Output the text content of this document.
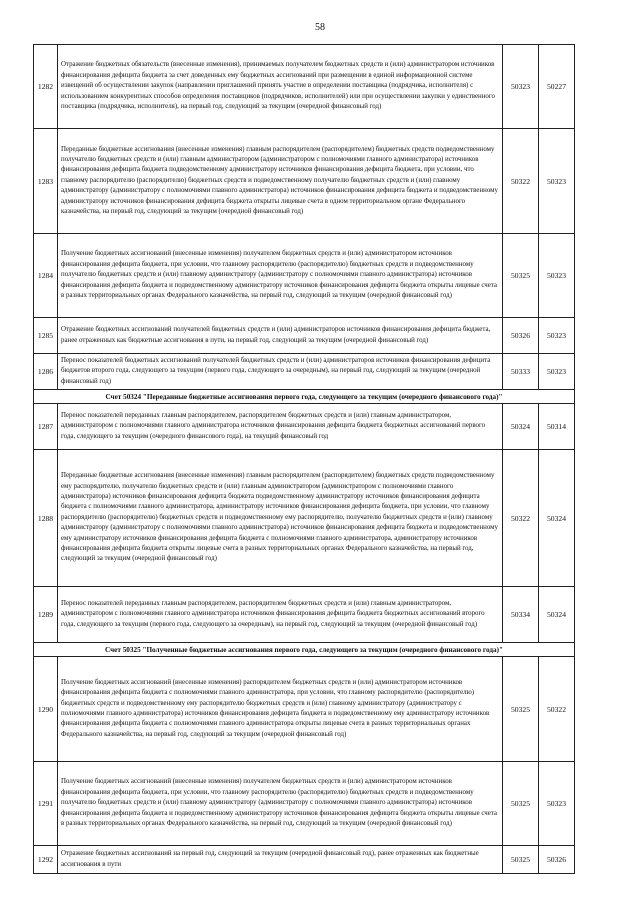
58
1282	Отражение бюджетных обязательств (внесенные изменения), принимаемых получателем бюджетных средств и (или) администратором источников финансирования дефицита бюджета за счет доведенных ему бюджетных ассигнований при размещении в единой информационной системе извещений об осуществлении закупок (направлении приглашений принять участие в определении поставщика (подрядчика, исполнителя) с использованием конкурентных способов определения поставщиков (подрядчиков, исполнителей) или при осуществлении закупки у единственного поставщика (подрядчика, исполнителя), на первый год, следующий за текущим (очередной финансовый год)	50323	50227
1283	Переданные бюджетные ассигнования (внесенные изменения) главным распорядителем (распорядителем) бюджетных средств подведомственному получателю бюджетных средств и (или) главным администратором (администратором с полномочиями главного администратора) источников финансирования дефицита бюджета подведомственному администратору источников финансирования дефицита бюджета, при условии, что главному распорядителю (распорядителю) бюджетных средств и подведомственному получателю бюджетных средств и (или) главному администратору (администратору с полномочиями главного администратора) источников финансирования дефицита бюджета и подведомственному администратору источников финансирования дефицита бюджета открыты лицевые счета в одном территориальном органе Федерального казначейства, на первый год, следующий за текущим (очередной финансовый год)	50322	50323
1284	Получение бюджетных ассигнований (внесенные изменения) получателем бюджетных средств и (или) администратором источников финансирования дефицита бюджета, при условии, что главному распорядителю (распорядителю) бюджетных средств и подведомственному получателю бюджетных средств и (или) главному администратору (администратору с полномочиями главного администратора) источников финансирования дефицита бюджета и подведомственному администратору источников финансирования дефицита бюджета открыты лицевые счета в разных территориальных органах Федерального казначейства, на первый год, следующий за текущим (очередной финансовый год)	50325	50323
1285	Отражение бюджетных ассигнований получателей бюджетных средств и (или) администраторов источников финансирования дефицита бюджета, ранее отраженных как бюджетные ассигнования в пути, на первый год, следующий за текущим (очередной финансовый год)	50326	50323
1286	Перенос показателей бюджетных ассигнований получателей бюджетных средств и (или) администраторов источников финансирования дефицита бюджетов второго года, следующего за текущим (первого года, следующего за очередным), на первый год, следующий за текущим (очередной финансовый год)	50333	50323
Счет 50324 "Переданные бюджетные ассигнования первого года, следующего за текущим (очередного финансового года)"			
1287	Перенос показателей переданных главным распорядителем, распорядителем бюджетных средств и (или) главным администратором, администратором с полномочиями главного администратора источников финансирования дефицита бюджета бюджетных ассигнований первого года, следующего за текущим (очередного финансового года), на текущий финансовый год	50324	50314
1288	Переданные бюджетные ассигнования (внесенные изменения) главным распорядителем (распорядителем) бюджетных средств подведомственному ему распорядителю, получателю бюджетных средств и (или) главным администратором (администратором с полномочиями главного администратора) источников финансирования дефицита бюджета подведомственному администратору источников финансирования дефицита бюджета с полномочиями главного администратора, администратору источников финансирования дефицита бюджета, при условии, что главному распорядителю (распорядителю) бюджетных средств и подведомственному ему распорядителю, получателю бюджетных средств и (или) главному администратору (администратору с полномочиями главного администратора) источников финансирования дефицита бюджета и подведомственному ему администратору источников финансирования дефицита бюджета с полномочиями главного администратора, администратору источников финансирования дефицита бюджета открыты лицевые счета в разных территориальных органах Федерального казначейства, на первый год, следующий за текущим (очередной финансовый год)	50322	50324
1289	Перенос показателей переданных главным распорядителем, распорядителем бюджетных средств и (или) главным администратором, администратором с полномочиями главного администратора источников финансирования дефицита бюджета бюджетных ассигнований второго года, следующего за текущим (первого года, следующего за очередным), на первый год, следующий за текущим (очередной финансовый год)	50334	50324
Счет 50325 "Полученные бюджетные ассигнования первого года, следующего за текущим (очередного финансового года)"			
1290	Получение бюджетных ассигнований (внесенные изменения) распорядителем бюджетных средств и (или) администратором источников финансирования дефицита бюджета с полномочиями главного администратора, при условии, что главному распорядителю (распорядителю) бюджетных средств и подведомственному ему распорядителю бюджетных средств и (или) главному администратору (администратору с полномочиями главного администратора) источников финансирования дефицита бюджета и подведомственному ему администратору источников финансирования дефицита бюджета с полномочиями главного администратора открыты лицевые счета в разных территориальных органах Федерального казначейства, на первый год, следующий за текущим (очередной финансовый год)	50325	50322
1291	Получение бюджетных ассигнований (внесенные изменения) получателем бюджетных средств и (или) администратором источников финансирования дефицита бюджета, при условии, что главному распорядителю (распорядителю) бюджетных средств и подведомственному получателю бюджетных средств и (или) главному администратору (администратору с полномочиями главного администратора) источников финансирования дефицита бюджета и подведомственному администратору источников финансирования дефицита бюджета открыты лицевые счета в разных территориальных органах Федерального казначейства, на первый год, следующий за текущим (очередной финансовый год)	50325	50323
1292	Отражение бюджетных ассигнований на первый год, следующий за текущим (очередной финансовый год), ранее отраженных как бюджетные ассигнования в пути	50325	50326
